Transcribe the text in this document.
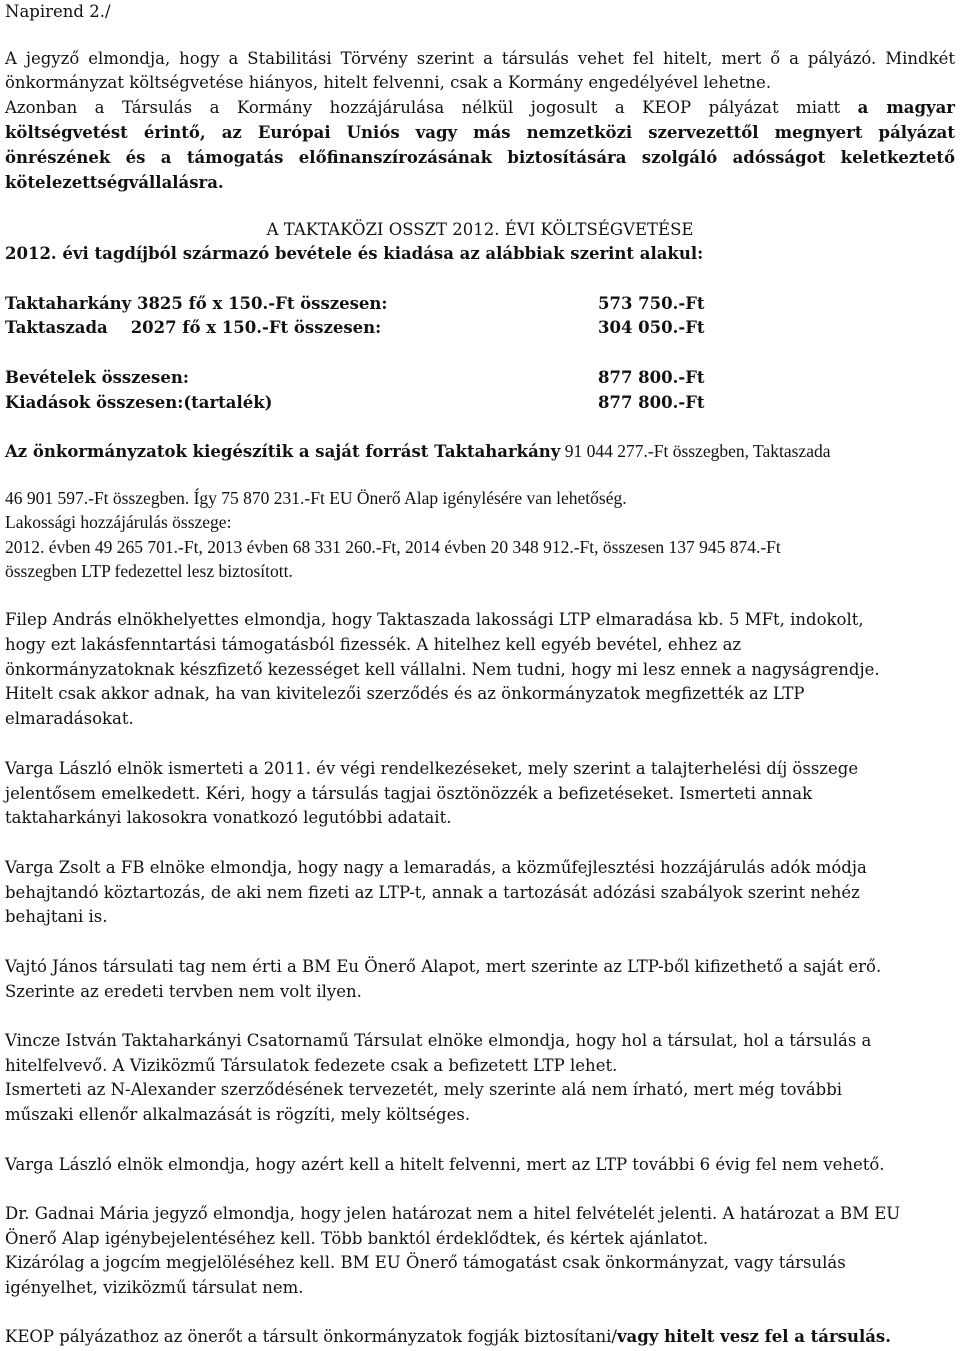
Napirend 2./
A jegyző elmondja, hogy a Stabilitási Törvény szerint a társulás vehet fel hitelt, mert ő a pályázó. Mindkét
önkormányzat költségvetése hiányos, hitelt felvenni, csak a Kormány engedélyével lehetne.
Azonban a Társulás a Kormány hozzájárulása nélkül jogosult a KEOP pályázat miatt a magyar
költségvetést érintő, az Európai Uniós vagy más nemzetközi szervezettől megnyert pályázat
önrészének és a támogatás előfinanszírozásának biztosítására szolgáló adósságot keletkeztető
kötelezettségvállalásra.
A TAKTAKÖZI OSSZT 2012. ÉVI KÖLTSÉGVETÉSE
2012. évi tagdíjból származó bevétele és kiadása az alábbiak szerint alakul:
Taktaharkány 3825 fő x 150.-Ft összesen:	573 750.-Ft
Taktaszada    2027 fő x 150.-Ft összesen:	304 050.-Ft
Bevételek összesen:	877 800.-Ft
Kiadások összesen:(tartalék)	877 800.-Ft
Az önkormányzatok kiegészítik a saját forrást Taktaharkány 91 044 277.-Ft összegben, Taktaszada
46 901 597.-Ft összegben. Így 75 870 231.-Ft EU Önerő Alap igénylésére van lehetőség.
Lakossági hozzájárulás összege:
2012. évben 49 265 701.-Ft, 2013 évben 68 331 260.-Ft, 2014 évben 20 348 912.-Ft, összesen 137 945 874.-Ft
összegben LTP fedezettel lesz biztosított.
Filep András elnökhelyettes elmondja, hogy Taktaszada lakossági LTP elmaradása kb. 5 MFt, indokolt,
hogy ezt lakásfenntartási támogatásból fizessék. A hitelhez kell egyéb bevétel, ehhez az
önkormányzatoknak készfizető kezességet kell vállalni. Nem tudni, hogy mi lesz ennek a nagyságrendje.
Hitelt csak akkor adnak, ha van kivitelezői szerződés és az önkormányzatok megfizették az LTP
elmaradásokat.
Varga László elnök ismerteti a 2011. év végi rendelkezéseket, mely szerint a talajterhelési díj összege
jelentősem emelkedett. Kéri, hogy a társulás tagjai ösztönözzék a befizetéseket. Ismerteti annak
taktaharkányi lakosokra vonatkozó legutóbbi adatait.
Varga Zsolt a FB elnöke elmondja, hogy nagy a lemaradás, a közműfejlesztési hozzájárulás adók módja
behajtandó köztartozás, de aki nem fizeti az LTP-t, annak a tartozását adózási szabályok szerint nehéz
behajtani is.
Vajtó János társulati tag nem érti a BM Eu Önerő Alapot, mert szerinte az LTP-ből kifizethető a saját erő.
Szerinte az eredeti tervben nem volt ilyen.
Vincze István Taktaharkányi Csatornamű Társulat elnöke elmondja, hogy hol a társulat, hol a társulás a
hitelfelvevő. A Viziközmű Társulatok fedezete csak a befizetett LTP lehet.
Ismerteti az N-Alexander szerződésének tervezetét, mely szerinte alá nem írható, mert még további
műszaki ellenőr alkalmazását is rögzíti, mely költséges.
Varga László elnök elmondja, hogy azért kell a hitelt felvenni, mert az LTP további 6 évig fel nem vehető.
Dr. Gadnai Mária jegyző elmondja, hogy jelen határozat nem a hitel felvételét jelenti. A határozat a BM EU
Önerő Alap igénybejelentéséhez kell. Több banktól érdeklődtek, és kértek ajánlatot.
Kizárólag a jogcím megjelöléséhez kell. BM EU Önerő támogatást csak önkormányzat, vagy társulás
igényelhet, viziközmű társulat nem.
KEOP pályázathoz az önerőt a társult önkormányzatok fogják biztosítani/vagy hitelt vesz fel a társulás.
